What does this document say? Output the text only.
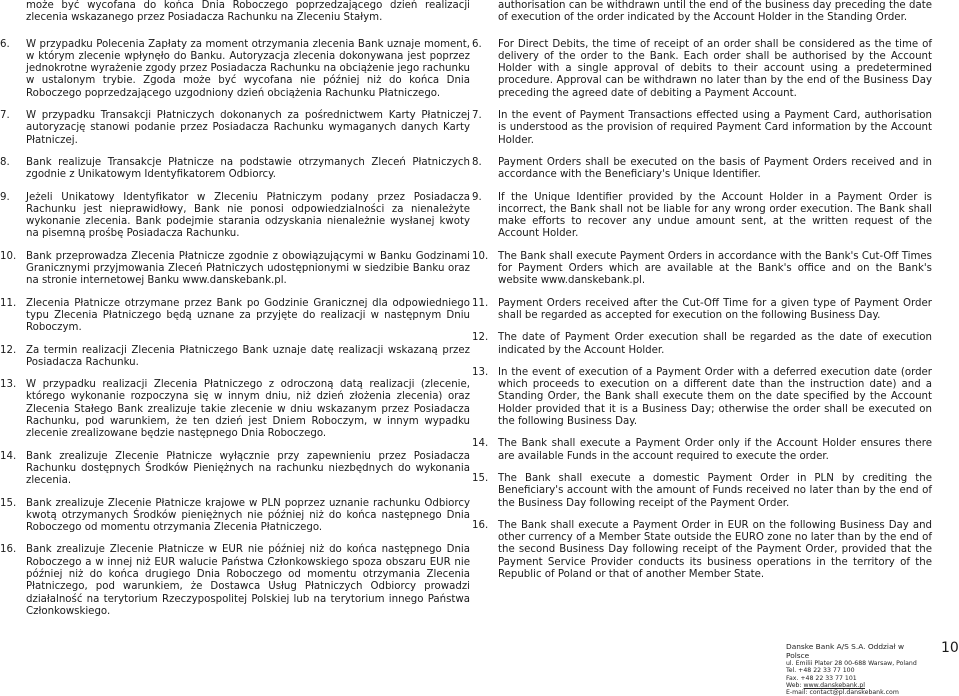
może być wycofana do końca Dnia Roboczego poprzedzającego dzień realizacji zlecenia wskazanego przez Posiadacza Rachunku na Zleceniu Stałym.
6.	W przypadku Polecenia Zapłaty za moment otrzymania zlecenia Bank uznaje moment, w którym zlecenie wpłynęło do Banku. Autoryzacja zlecenia dokonywana jest poprzez jednokrotne wyrażenie zgody przez Posiadacza Rachunku na obciążenie jego rachunku w ustalonym trybie. Zgoda może być wycofana nie później niż do końca Dnia Roboczego poprzedzającego uzgodniony dzień obciążenia Rachunku Płatniczego.
7.	W przypadku Transakcji Płatniczych dokonanych za pośrednictwem Karty Płatniczej autoryzację stanowi podanie przez Posiadacza Rachunku wymaganych danych Karty Płatniczej.
8.	Bank realizuje Transakcje Płatnicze na podstawie otrzymanych Zleceń Płatniczych zgodnie z Unikatowym Identyfikatorem Odbiorcy.
9.	Jeżeli Unikatowy Identyfikator w Zleceniu Płatniczym podany przez Posiadacza Rachunku jest nieprawidłowy, Bank nie ponosi odpowiedzialności za nienależyte wykonanie zlecenia. Bank podejmie starania odzyskania nienależnie wysłanej kwoty na pisemną prośbę Posiadacza Rachunku.
10. Bank przeprowadza Zlecenia Płatnicze zgodnie z obowiązującymi w Banku Godzinami Granicznymi przyjmowania Zleceń Płatniczych udostępnionymi w siedzibie Banku oraz na stronie internetowej Banku www.danskebank.pl.
11. Zlecenia Płatnicze otrzymane przez Bank po Godzinie Granicznej dla odpowiedniego typu Zlecenia Płatniczego będą uznane za przyjęte do realizacji w następnym Dniu Roboczym.
12. Za termin realizacji Zlecenia Płatniczego Bank uznaje datę realizacji wskazaną przez Posiadacza Rachunku.
13. W przypadku realizacji Zlecenia Płatniczego z odroczoną datą realizacji (zlecenie, którego wykonanie rozpoczyna się w innym dniu, niż dzień złożenia zlecenia) oraz Zlecenia Stałego Bank zrealizuje takie zlecenie w dniu wskazanym przez Posiadacza Rachunku, pod warunkiem, że ten dzień jest Dniem Roboczym, w innym wypadku zlecenie zrealizowane będzie następnego Dnia Roboczego.
14. Bank zrealizuje Zlecenie Płatnicze wyłącznie przy zapewnieniu przez Posiadacza Rachunku dostępnych Środków Pieniężnych na rachunku niezbędnych do wykonania zlecenia.
15. Bank zrealizuje Zlecenie Płatnicze krajowe w PLN poprzez uznanie rachunku Odbiorcy kwotą otrzymanych Środków pieniężnych nie później niż do końca następnego Dnia Roboczego od momentu otrzymania Zlecenia Płatniczego.
16. Bank zrealizuje Zlecenie Płatnicze w EUR nie później niż do końca następnego Dnia Roboczego a w innej niż EUR walucie Państwa Członkowskiego spoza obszaru EUR nie później niż do końca drugiego Dnia Roboczego od momentu otrzymania Zlecenia Płatniczego, pod warunkiem, że Dostawca Usług Płatniczych Odbiorcy prowadzi działalność na terytorium Rzeczypospolitej Polskiej lub na terytorium innego Państwa Członkowskiego.
authorisation can be withdrawn until the end of the business day preceding the date of execution of the order indicated by the Account Holder in the Standing Order.
6.	For Direct Debits, the time of receipt of an order shall be considered as the time of delivery of the order to the Bank. Each order shall be authorised by the Account Holder with a single approval of debits to their account using a predetermined procedure. Approval can be withdrawn no later than by the end of the Business Day preceding the agreed date of debiting a Payment Account.
7.	In the event of Payment Transactions effected using a Payment Card, authorisation is understood as the provision of required Payment Card information by the Account Holder.
8.	Payment Orders shall be executed on the basis of Payment Orders received and in accordance with the Beneficiary's Unique Identifier.
9.	If the Unique Identifier provided by the Account Holder in a Payment Order is incorrect, the Bank shall not be liable for any wrong order execution. The Bank shall make efforts to recover any undue amount sent, at the written request of the Account Holder.
10. The Bank shall execute Payment Orders in accordance with the Bank's Cut-Off Times for Payment Orders which are available at the Bank's office and on the Bank's website www.danskebank.pl.
11. Payment Orders received after the Cut-Off Time for a given type of Payment Order shall be regarded as accepted for execution on the following Business Day.
12. The date of Payment Order execution shall be regarded as the date of execution indicated by the Account Holder.
13. In the event of execution of a Payment Order with a deferred execution date (order which proceeds to execution on a different date than the instruction date) and a Standing Order, the Bank shall execute them on the date specified by the Account Holder provided that it is a Business Day; otherwise the order shall be executed on the following Business Day.
14. The Bank shall execute a Payment Order only if the Account Holder ensures there are available Funds in the account required to execute the order.
15. The Bank shall execute a domestic Payment Order in PLN by crediting the Beneficiary's account with the amount of Funds received no later than by the end of the Business Day following receipt of the Payment Order.
16. The Bank shall execute a Payment Order in EUR on the following Business Day and other currency of a Member State outside the EURO zone no later than by the end of the second Business Day following receipt of the Payment Order, provided that the Payment Service Provider conducts its business operations in the territory of the Republic of Poland or that of another Member State.
Danske Bank A/S S.A. Oddział w Polsce
ul. Emilii Plater 28 00-688 Warsaw, Poland
Tel. +48 22 33 77 100
Fax. +48 22 33 77 101
Web: www.danskebank.pl
E-mail: contact@pl.danskebank.com
10
